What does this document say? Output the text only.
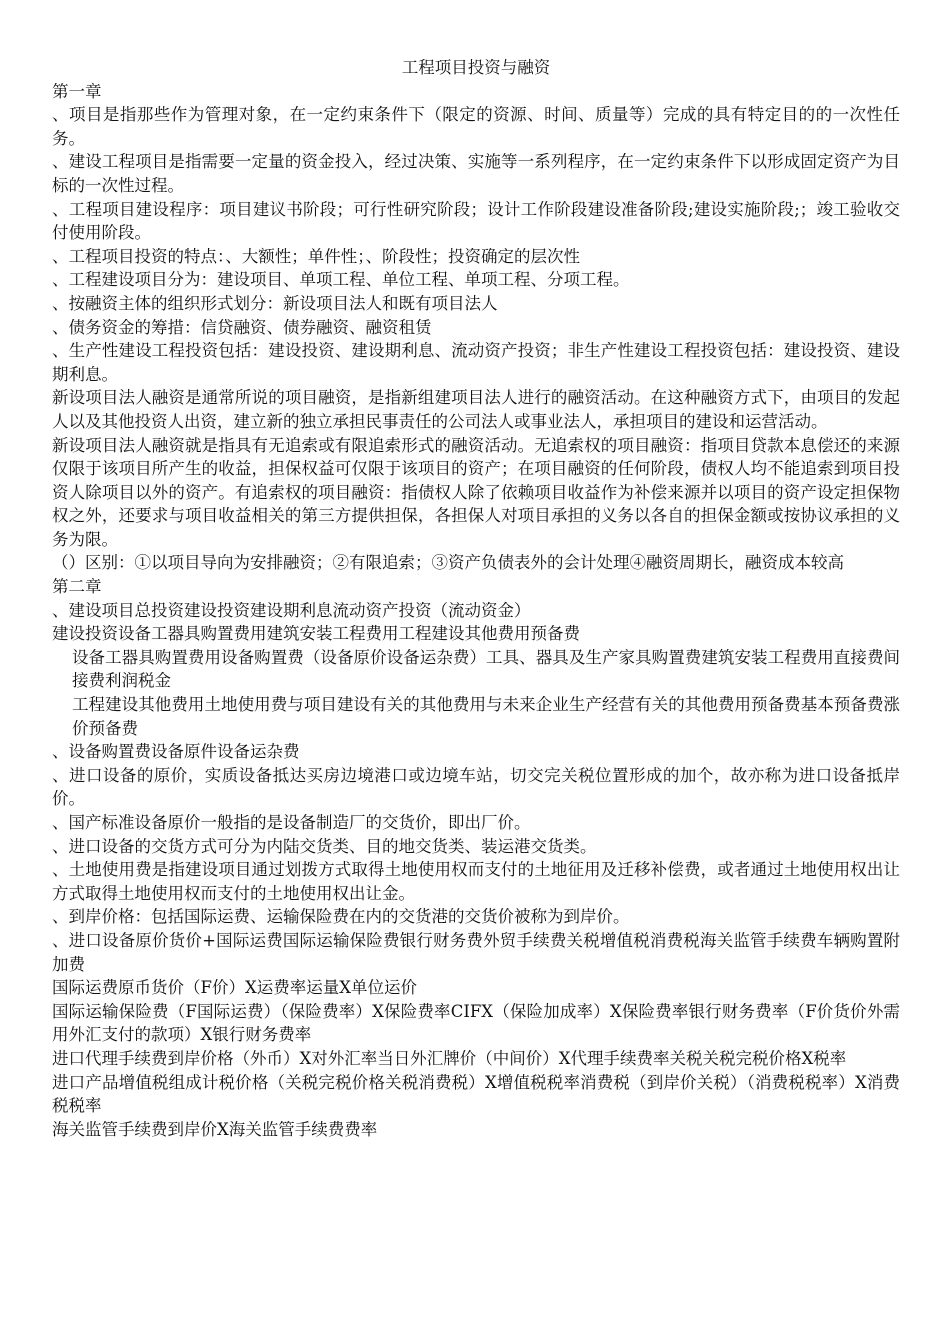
工程项目投资与融资

第一章

、项目是指那些作为管理对象，在一定约束条件下（限定的资源、时间、质量等）完成的具有特定目的的一次性任务。

、建设工程项目是指需要一定量的资金投入，经过决策、实施等一系列程序，在一定约束条件下以形成固定资产为目标的一次性过程。

、工程项目建设程序：项目建议书阶段；可行性研究阶段；设计工作阶段建设准备阶段;建设实施阶段;；竣工验收交付使用阶段。

、工程项目投资的特点：、大额性；单件性；、阶段性；投资确定的层次性

、工程建设项目分为：建设项目、单项工程、单位工程、单项工程、分项工程。

、按融资主体的组织形式划分：新设项目法人和既有项目法人

、债务资金的筹措：信贷融资、债券融资、融资租赁

、生产性建设工程投资包括：建设投资、建设期利息、流动资产投资；非生产性建设工程投资包括：建设投资、建设期利息。

新设项目法人融资是通常所说的项目融资，是指新组建项目法人进行的融资活动。在这种融资方式下，由项目的发起人以及其他投资人出资，建立新的独立承担民事责任的公司法人或事业法人，承担项目的建设和运营活动。

新设项目法人融资就是指具有无追索或有限追索形式的融资活动。无追索权的项目融资：指项目贷款本息偿还的来源仅限于该项目所产生的收益，担保权益可仅限于该项目的资产；在项目融资的任何阶段，债权人均不能追索到项目投资人除项目以外的资产。有追索权的项目融资：指债权人除了依赖项目收益作为补偿来源并以项目的资产设定担保物权之外，还要求与项目收益相关的第三方提供担保，各担保人对项目承担的义务以各自的担保金额或按协议承担的义务为限。

（）区别：①以项目导向为安排融资；②有限追索；③资产负债表外的会计处理④融资周期长，融资成本较高

第二章

、建设项目总投资建设投资建设期利息流动资产投资（流动资金）

建设投资设备工器具购置费用建筑安装工程费用工程建设其他费用预备费

设备工器具购置费用设备购置费（设备原价设备运杂费）工具、器具及生产家具购置费建筑安装工程费用直接费间接费利润税金

工程建设其他费用土地使用费与项目建设有关的其他费用与未来企业生产经营有关的其他费用预备费基本预备费涨价预备费

、设备购置费设备原件设备运杂费

、进口设备的原价，实质设备抵达买房边境港口或边境车站，切交完关税位置形成的加个，故亦称为进口设备抵岸价。

、国产标准设备原价一般指的是设备制造厂的交货价，即出厂价。

、进口设备的交货方式可分为内陆交货类、目的地交货类、装运港交货类。

、土地使用费是指建设项目通过划拨方式取得土地使用权而支付的土地征用及迁移补偿费，或者通过土地使用权出让方式取得土地使用权而支付的土地使用权出让金。

、到岸价格：包括国际运费、运输保险费在内的交货港的交货价被称为到岸价。

、进口设备原价货价+国际运费国际运输保险费银行财务费外贸手续费关税增值税消费税海关监管手续费车辆购置附加费

国际运费原币货价（F价）X运费率运量X单位运价

国际运输保险费（F国际运费）（保险费率）X保险费率CIFX（保险加成率）X保险费率银行财务费率（F价货价外需用外汇支付的款项）X银行财务费率

进口代理手续费到岸价格（外币）X对外汇率当日外汇牌价（中间价）X代理手续费率关税关税完税价格X税率

进口产品增值税组成计税价格（关税完税价格关税消费税）X增值税税率消费税（到岸价关税）（消费税税率）X消费税税率

海关监管手续费到岸价X海关监管手续费费率
